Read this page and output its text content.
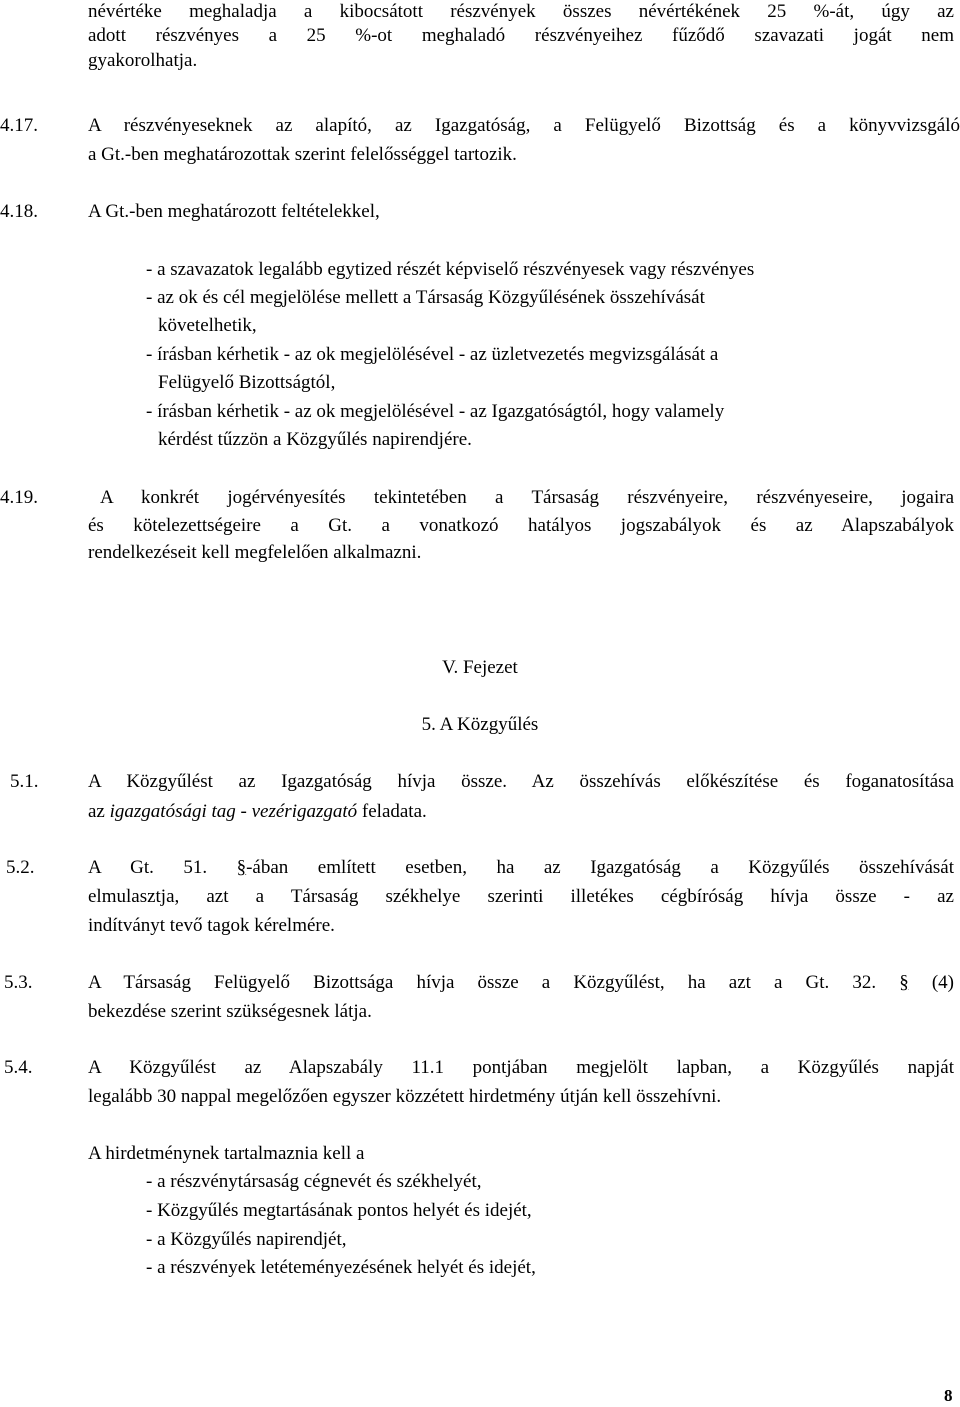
névértéke meghaladja a kibocsátott részvények összes névértékének 25 %-át, úgy az
adott részvényes a 25 %-ot meghaladó részvényeihez fűződő szavazati jogát nem
gyakorolhatja.
4.17.	A részvényeseknek az alapító, az Igazgatóság, a Felügyelő Bizottság és a könyvvizsgáló
a Gt.-ben meghatározottak szerint felelősséggel tartozik.
4.18.	A Gt.-ben meghatározott feltételekkel,
- a szavazatok legalább egytized részét képviselő részvényesek vagy részvényes
- az ok és cél megjelölése mellett a Társaság Közgyűlésének összehívását
követelhetik,
- írásban kérhetik - az ok megjelölésével - az üzletvezetés megvizsgálását a
Felügyelő Bizottságtól,
- írásban kérhetik - az ok megjelölésével - az Igazgatóságtól, hogy valamely
kérdést tűzzön a Közgyűlés napirendjére.
4.19.	A konkrét jogérvényesítés tekintetében a Társaság részvényeire, részvényeseire, jogaira
és kötelezettségeire a Gt. a vonatkozó hatályos jogszabályok és az Alapszabályok
rendelkezéseit kell megfelelően alkalmazni.
V. Fejezet
5. A Közgyűlés
5.1.	A Közgyűlést az Igazgatóság hívja össze. Az összehívás előkészítése és foganatosítása
az igazgatósági tag - vezérigazgató feladata.
5.2.	A Gt. 51. §-ában említett esetben, ha az Igazgatóság a Közgyűlés összehívását
elmulasztja, azt a Társaság székhelye szerinti illetékes cégbíróság hívja össze - az
indítványt tevő tagok kérelmére.
5.3.	A Társaság Felügyelő Bizottsága hívja össze a Közgyűlést, ha azt a Gt. 32. § (4)
bekezdése szerint szükségesnek látja.
5.4.	A Közgyűlést az Alapszabály 11.1 pontjában megjelölt lapban, a Közgyűlés napját
legalább 30 nappal megelőzően egyszer közzétett hirdetmény útján kell összehívni.
A hirdetménynek tartalmaznia kell a
- a részvénytársaság cégnevét és székhelyét,
- Közgyűlés megtartásának pontos helyét és idejét,
- a Közgyűlés napirendjét,
- a részvények letéteményezésének helyét és idejét,
8
